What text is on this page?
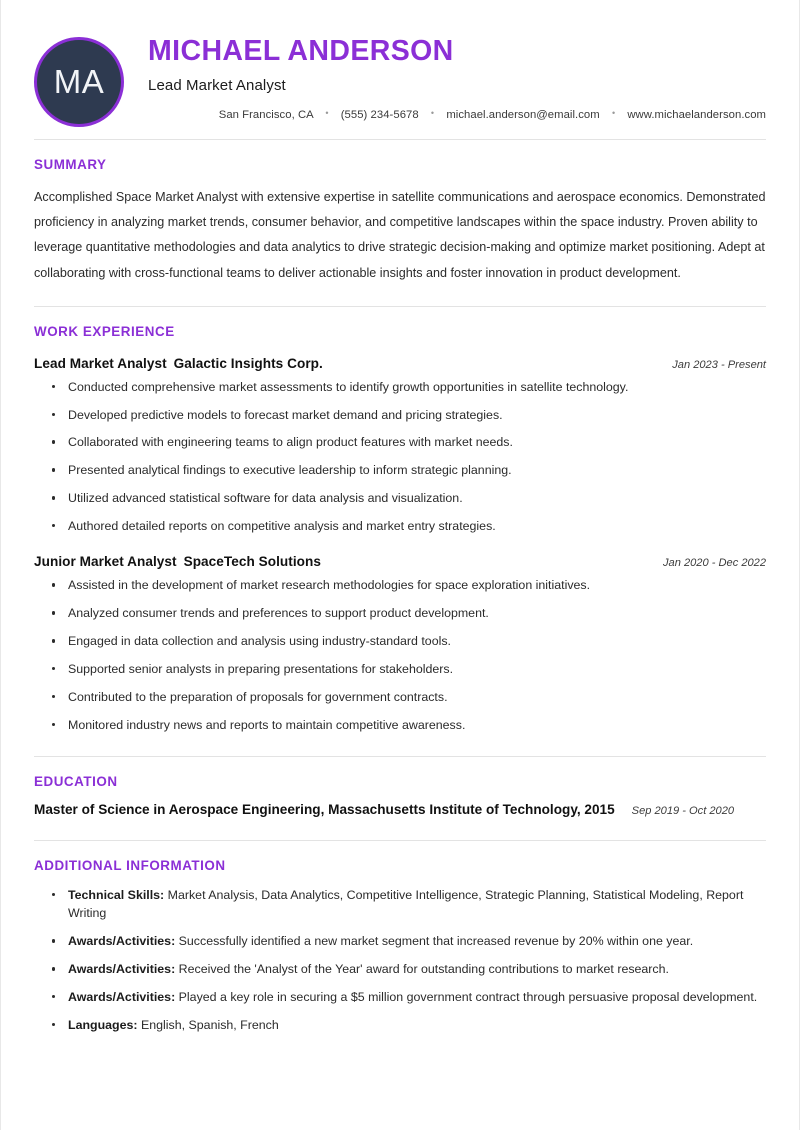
MA
MICHAEL ANDERSON
Lead Market Analyst
San Francisco, CA • (555) 234-5678 • michael.anderson@email.com • www.michaelanderson.com
SUMMARY
Accomplished Space Market Analyst with extensive expertise in satellite communications and aerospace economics. Demonstrated proficiency in analyzing market trends, consumer behavior, and competitive landscapes within the space industry. Proven ability to leverage quantitative methodologies and data analytics to drive strategic decision-making and optimize market positioning. Adept at collaborating with cross-functional teams to deliver actionable insights and foster innovation in product development.
WORK EXPERIENCE
Lead Market Analyst Galactic Insights Corp.	Jan 2023 - Present
Conducted comprehensive market assessments to identify growth opportunities in satellite technology.
Developed predictive models to forecast market demand and pricing strategies.
Collaborated with engineering teams to align product features with market needs.
Presented analytical findings to executive leadership to inform strategic planning.
Utilized advanced statistical software for data analysis and visualization.
Authored detailed reports on competitive analysis and market entry strategies.
Junior Market Analyst SpaceTech Solutions	Jan 2020 - Dec 2022
Assisted in the development of market research methodologies for space exploration initiatives.
Analyzed consumer trends and preferences to support product development.
Engaged in data collection and analysis using industry-standard tools.
Supported senior analysts in preparing presentations for stakeholders.
Contributed to the preparation of proposals for government contracts.
Monitored industry news and reports to maintain competitive awareness.
EDUCATION
Master of Science in Aerospace Engineering, Massachusetts Institute of Technology, 2015	Sep 2019 - Oct 2020
ADDITIONAL INFORMATION
Technical Skills: Market Analysis, Data Analytics, Competitive Intelligence, Strategic Planning, Statistical Modeling, Report Writing
Awards/Activities: Successfully identified a new market segment that increased revenue by 20% within one year.
Awards/Activities: Received the 'Analyst of the Year' award for outstanding contributions to market research.
Awards/Activities: Played a key role in securing a $5 million government contract through persuasive proposal development.
Languages: English, Spanish, French
